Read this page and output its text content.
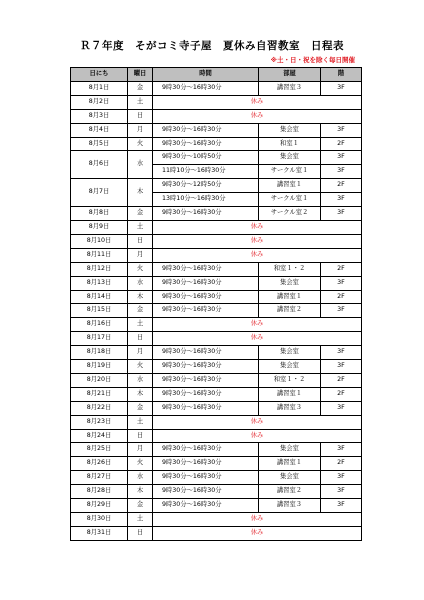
Ｒ７年度　そがコミ寺子屋　夏休み自習教室　日程表
※土・日・祝を除く毎日開催
日にち	曜日	時間	部屋	階
8月1日	金	9時30分～16時30分	講習室３	3F
8月2日	土	休み		
8月3日	日	休み		
8月4日	月	9時30分～16時30分	集会室	3F
8月5日	火	9時30分～16時30分	和室１	2F
8月6日	水	9時30分～10時50分	集会室	3F
		11時10分～16時30分	サークル室１	3F
8月7日	木	9時30分～12時50分	講習室１	2F
		13時10分～16時30分	サークル室１	3F
8月8日	金	9時30分～16時30分	サークル室２	3F
8月9日	土	休み		
8月10日	日	休み		
8月11日	月	休み		
8月12日	火	9時30分～16時30分	和室１・２	2F
8月13日	水	9時30分～16時30分	集会室	3F
8月14日	木	9時30分～16時30分	講習室１	2F
8月15日	金	9時30分～16時30分	講習室２	3F
8月16日	土	休み		
8月17日	日	休み		
8月18日	月	9時30分～16時30分	集会室	3F
8月19日	火	9時30分～16時30分	集会室	3F
8月20日	水	9時30分～16時30分	和室１・２	2F
8月21日	木	9時30分～16時30分	講習室１	2F
8月22日	金	9時30分～16時30分	講習室３	3F
8月23日	土	休み		
8月24日	日	休み		
8月25日	月	9時30分～16時30分	集会室	3F
8月26日	火	9時30分～16時30分	講習室１	2F
8月27日	水	9時30分～16時30分	集会室	3F
8月28日	木	9時30分～16時30分	講習室２	3F
8月29日	金	9時30分～16時30分	講習室３	3F
8月30日	土	休み		
8月31日	日	休み		
